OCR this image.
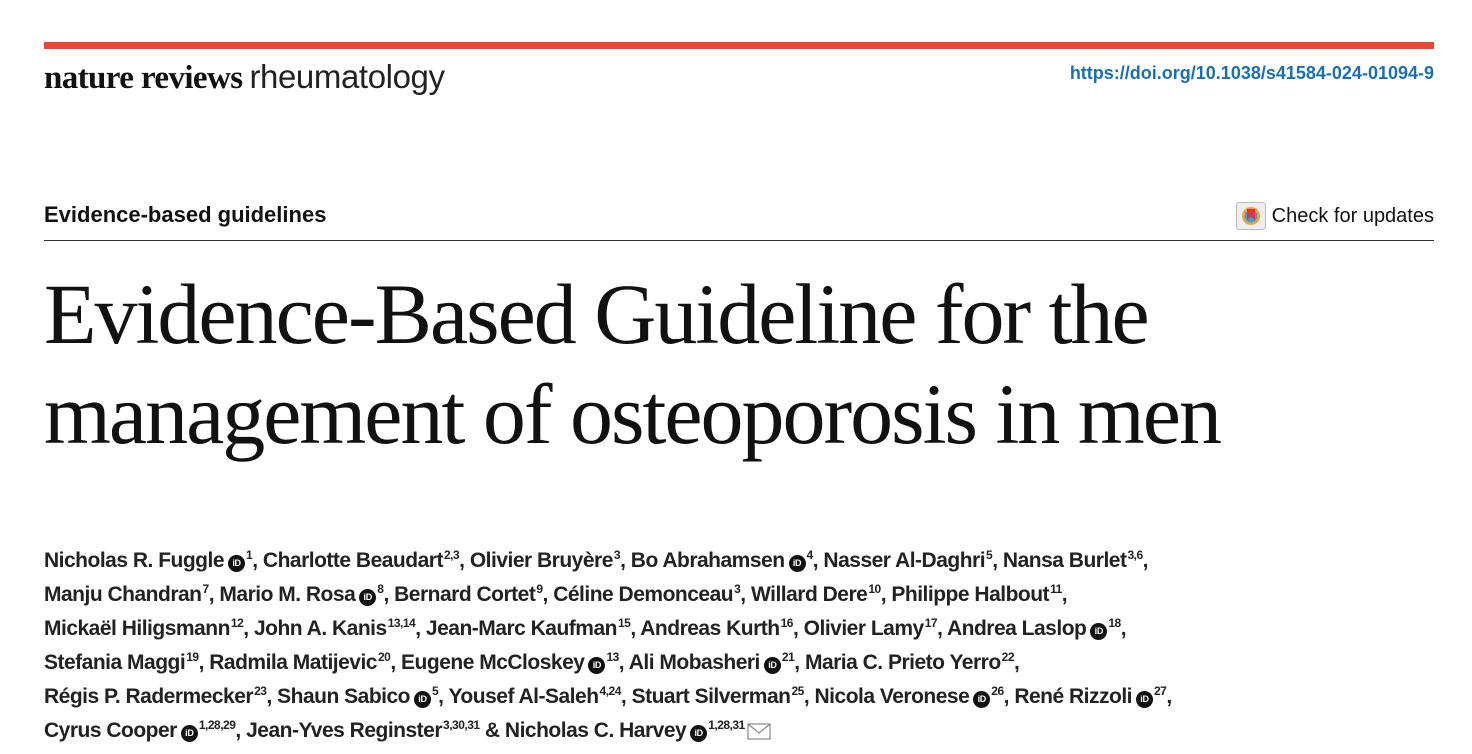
nature reviews rheumatology	https://doi.org/10.1038/s41584-024-01094-9
Evidence-based guidelines	Check for updates
Evidence-Based Guideline for the
management of osteoporosis in men

Nicholas R. Fuggle $iD^1$, Charlotte Beaudart$^{2,3}$, Olivier Bruyère$^3$, Bo Abrahamsen $iD^4$, Nasser Al-Daghri$^5$, Nansa Burlet$^{3,6}$,
Manju Chandran$^7$, Mario M. Rosa $iD^8$, Bernard Cortet$^9$, Céline Demonceau$^3$, Willard Dere$^{10}$, Philippe Halbout$^{11}$,
Mickaël Hiligsmann$^{12}$, John A. Kanis$^{13,14}$, Jean-Marc Kaufman$^{15}$, Andreas Kurth$^{16}$, Olivier Lamy$^{17}$, Andrea Laslop $iD^{18}$,
Stefania Maggi$^{19}$, Radmila Matijevic$^{20}$, Eugene McCloskey $iD^{13}$, Ali Mobasheri $iD^{21}$, Maria C. Prieto Yerro$^{22}$,
Régis P. Radermecker$^{23}$, Shaun Sabico $iD^5$, Yousef Al-Saleh$^{4,24}$, Stuart Silverman$^{25}$, Nicola Veronese $iD^{26}$, René Rizzoli $iD^{27}$,
Cyrus Cooper iD$^{1,28,29}$, Jean-Yves Reginster$^{3,30,31}$ & Nicholas C. Harvey iD$^{1,28,31}$
